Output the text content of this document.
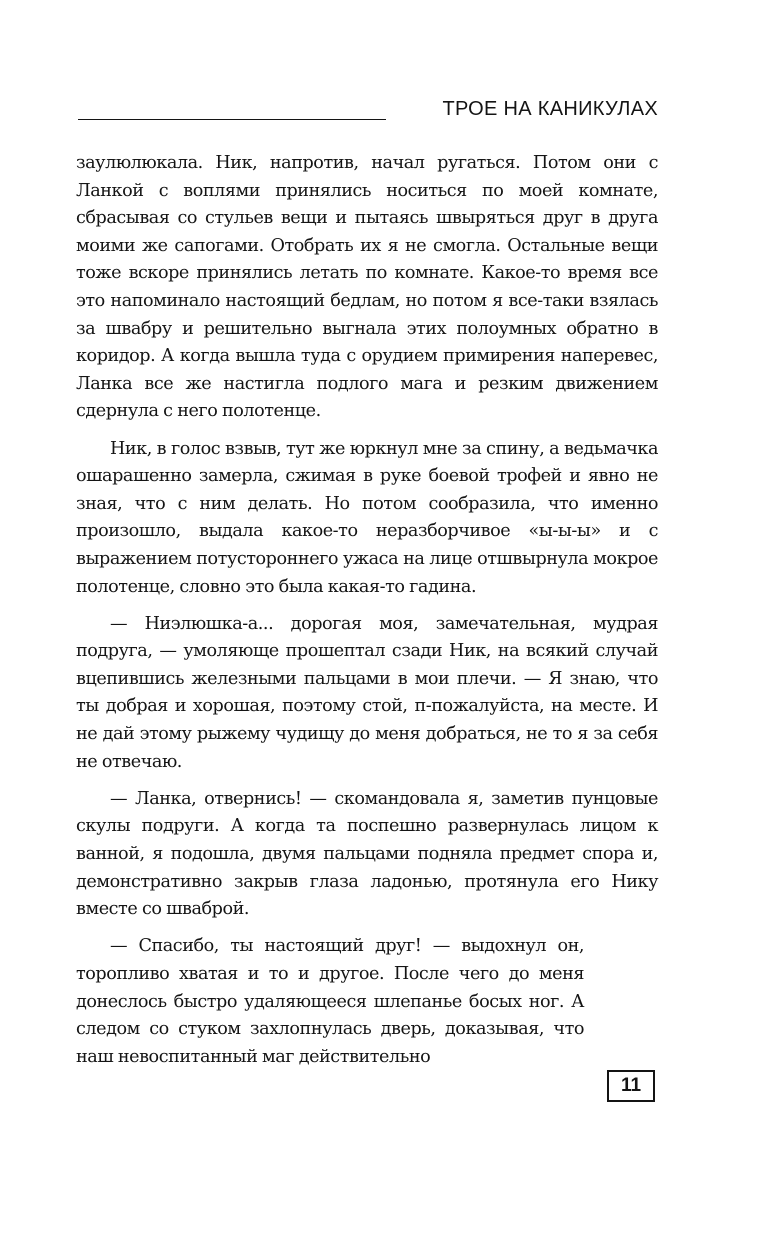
ТРОЕ НА КАНИКУЛАХ

заулюлюкала. Ник, напротив, начал ругаться. Потом они с Ланкой с воплями принялись носиться по моей комнате, сбрасывая со стульев вещи и пытаясь швыряться друг в друга моими же сапогами. Отобрать их я не смогла. Остальные вещи тоже вскоре принялись летать по комнате. Какое-то время все это напоминало настоящий бедлам, но потом я все-таки взялась за швабру и решительно выгнала этих полоумных обратно в коридор. А когда вышла туда с орудием примирения наперевес, Ланка все же настигла подлого мага и резким движением сдернула с него полотенце.

Ник, в голос взвыв, тут же юркнул мне за спину, а ведьмачка ошарашенно замерла, сжимая в руке боевой трофей и явно не зная, что с ним делать. Но потом сообразила, что именно произошло, выдала какое-то неразборчивое «ы-ы-ы» и с выражением потустороннего ужаса на лице отшвырнула мокрое полотенце, словно это была какая-то гадина.

— Ниэлюшка-а... дорогая моя, замечательная, мудрая подруга, — умоляюще прошептал сзади Ник, на всякий случай вцепившись железными пальцами в мои плечи. — Я знаю, что ты добрая и хорошая, поэтому стой, п-пожалуйста, на месте. И не дай этому рыжему чудищу до меня добраться, не то я за себя не отвечаю.

— Ланка, отвернись! — скомандовала я, заметив пунцовые скулы подруги. А когда та поспешно развернулась лицом к ванной, я подошла, двумя пальцами подняла предмет спора и, демонстративно закрыв глаза ладонью, протянула его Нику вместе со шваброй.

— Спасибо, ты настоящий друг! — выдохнул он, торопливо хватая и то и другое. После чего до меня донеслось быстро удаляющееся шлепанье босых ног. А следом со стуком захлопнулась дверь, доказывая, что наш невоспитанный маг действительно

11
